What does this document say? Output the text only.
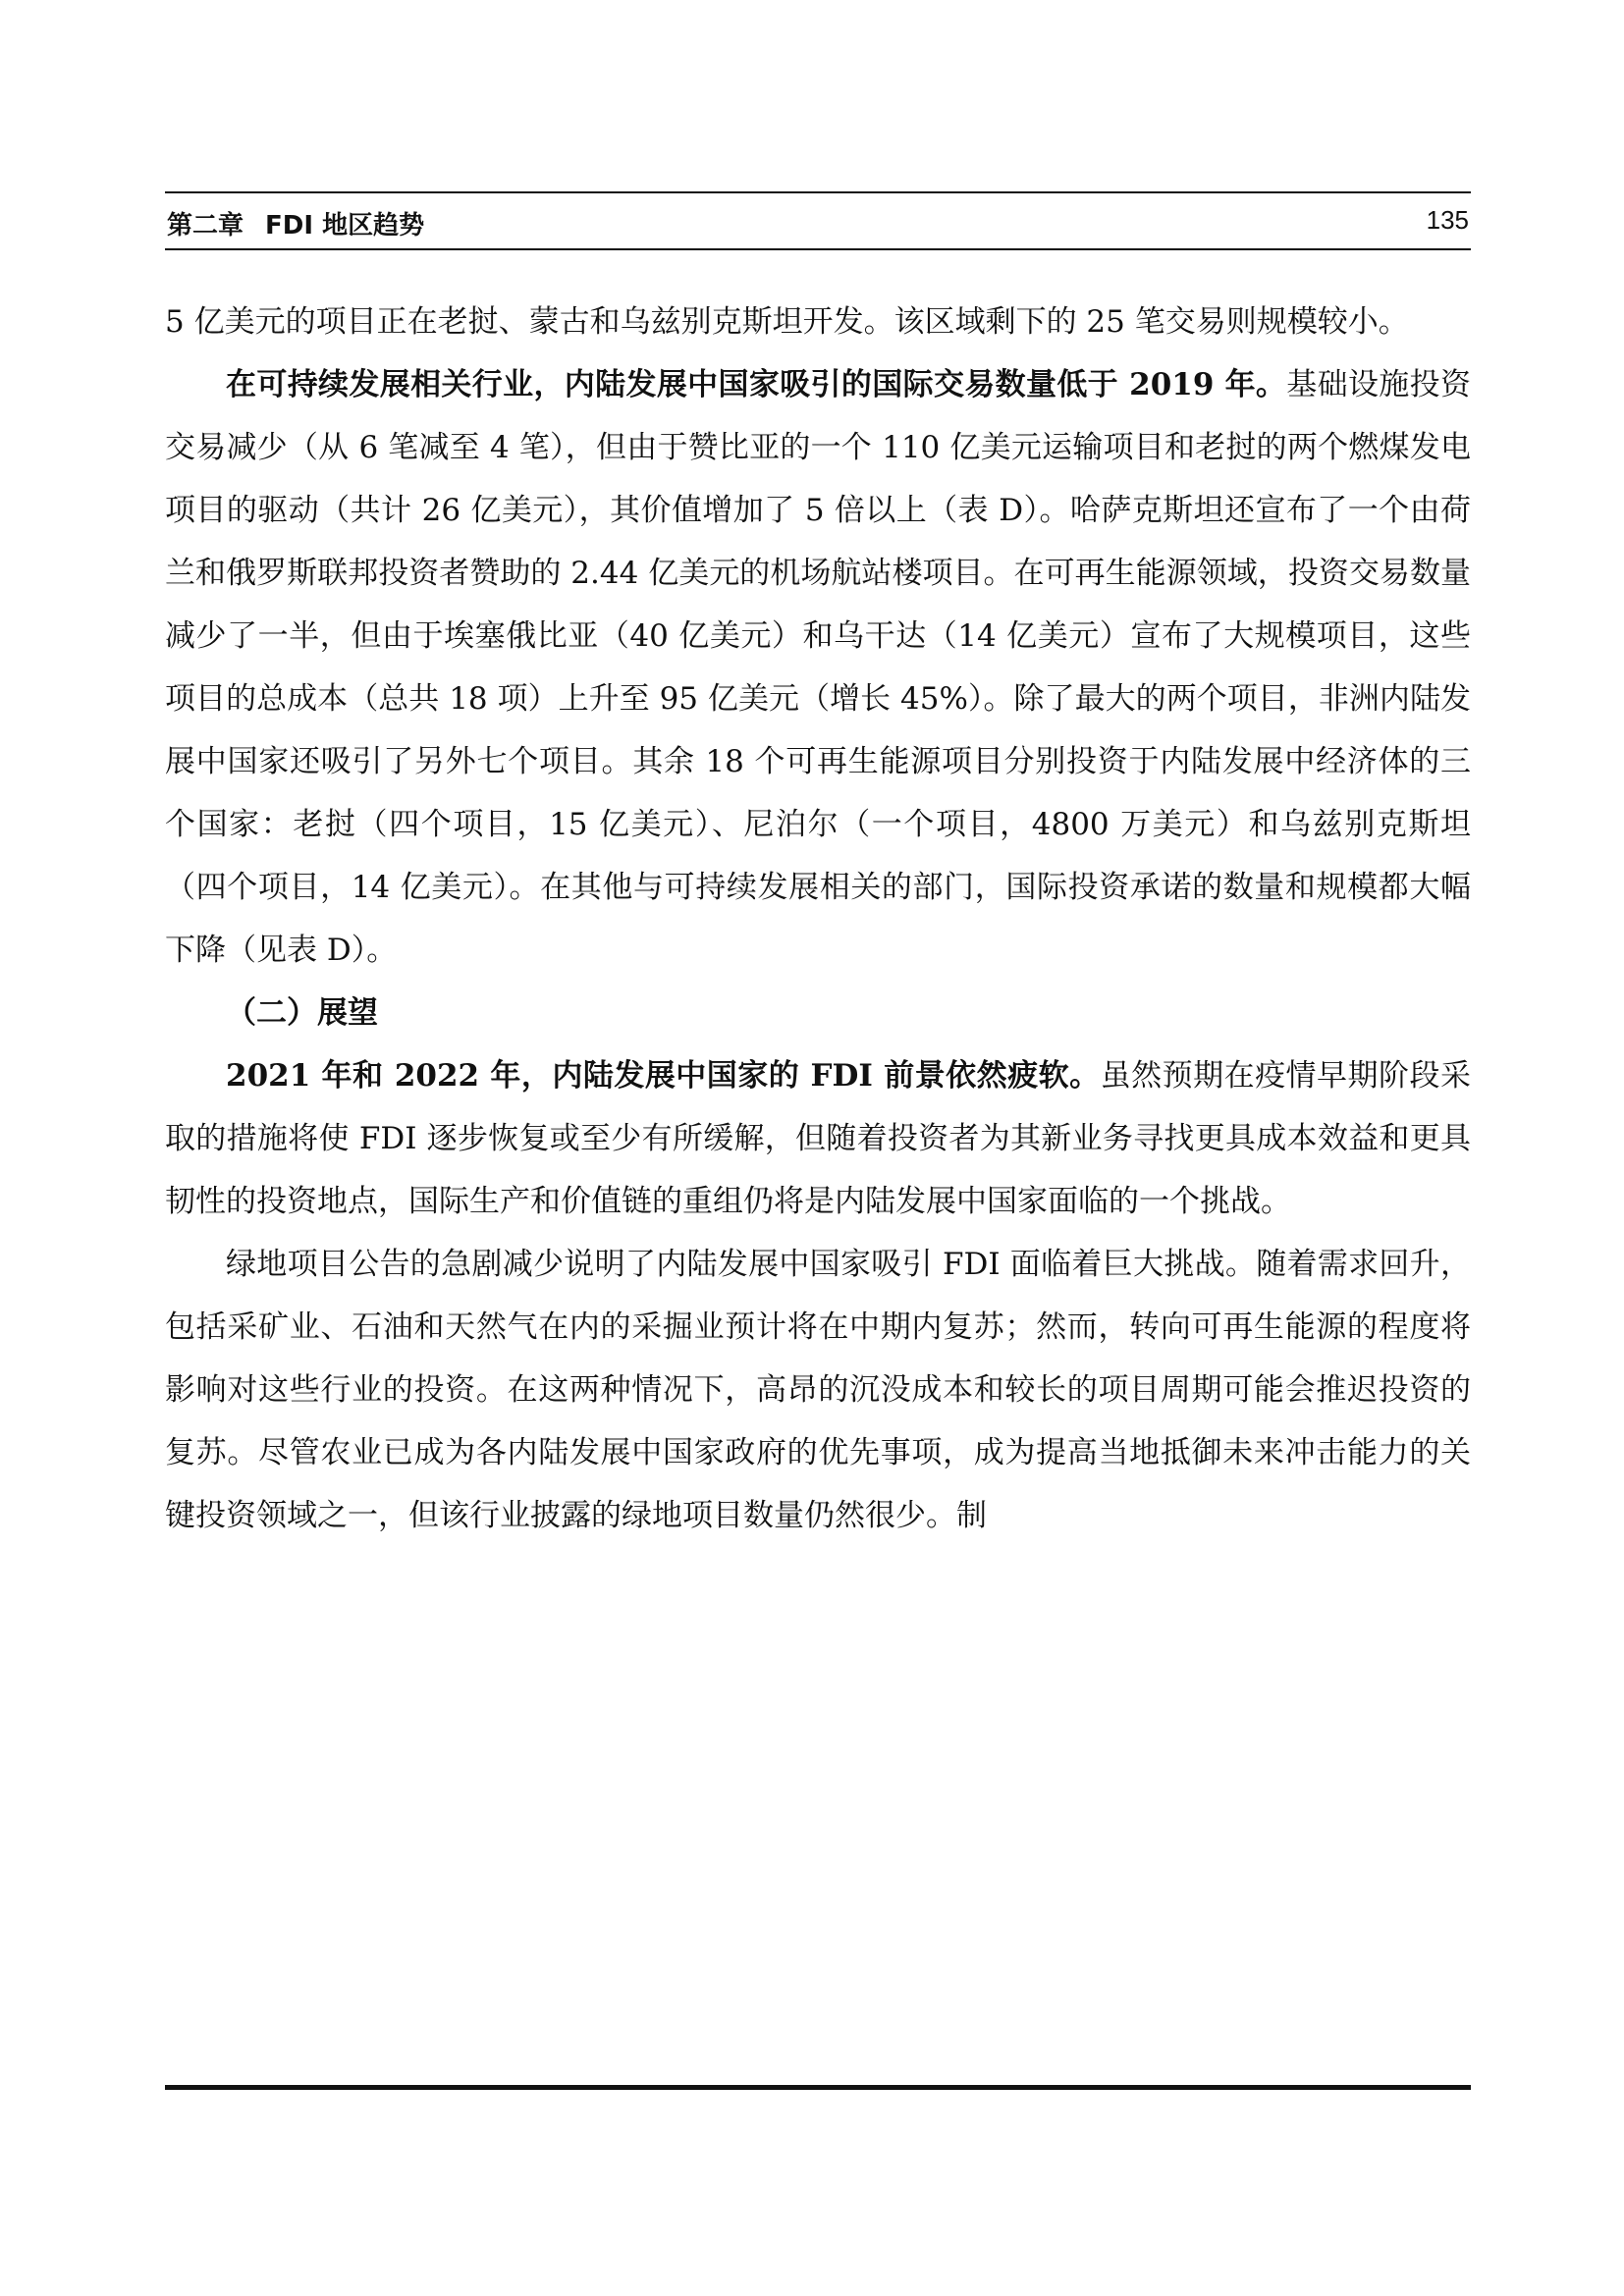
第二章 FDI 地区趋势	135

5 亿美元的项目正在老挝、蒙古和乌兹别克斯坦开发。该区域剩下的 25 笔交易则规模较小。

在可持续发展相关行业，内陆发展中国家吸引的国际交易数量低于 2019 年。基础设施投资交易减少（从 6 笔减至 4 笔），但由于赞比亚的一个 110 亿美元运输项目和老挝的两个燃煤发电项目的驱动（共计 26 亿美元），其价值增加了 5 倍以上（表 D）。哈萨克斯坦还宣布了一个由荷兰和俄罗斯联邦投资者赞助的 2.44 亿美元的机场航站楼项目。在可再生能源领域，投资交易数量减少了一半，但由于埃塞俄比亚（40 亿美元）和乌干达（14 亿美元）宣布了大规模项目，这些项目的总成本（总共 18 项）上升至 95 亿美元（增长 45%）。除了最大的两个项目，非洲内陆发展中国家还吸引了另外七个项目。其余 18 个可再生能源项目分别投资于内陆发展中经济体的三个国家：老挝（四个项目，15 亿美元）、尼泊尔（一个项目，4800 万美元）和乌兹别克斯坦（四个项目，14 亿美元）。在其他与可持续发展相关的部门，国际投资承诺的数量和规模都大幅下降（见表 D）。

（二）展望

2021 年和 2022 年，内陆发展中国家的 FDI 前景依然疲软。虽然预期在疫情早期阶段采取的措施将使 FDI 逐步恢复或至少有所缓解，但随着投资者为其新业务寻找更具成本效益和更具韧性的投资地点，国际生产和价值链的重组仍将是内陆发展中国家面临的一个挑战。

绿地项目公告的急剧减少说明了内陆发展中国家吸引 FDI 面临着巨大挑战。随着需求回升，包括采矿业、石油和天然气在内的采掘业预计将在中期内复苏；然而，转向可再生能源的程度将影响对这些行业的投资。在这两种情况下，高昂的沉没成本和较长的项目周期可能会推迟投资的复苏。尽管农业已成为各内陆发展中国家政府的优先事项，成为提高当地抵御未来冲击能力的关键投资领域之一，但该行业披露的绿地项目数量仍然很少。制
